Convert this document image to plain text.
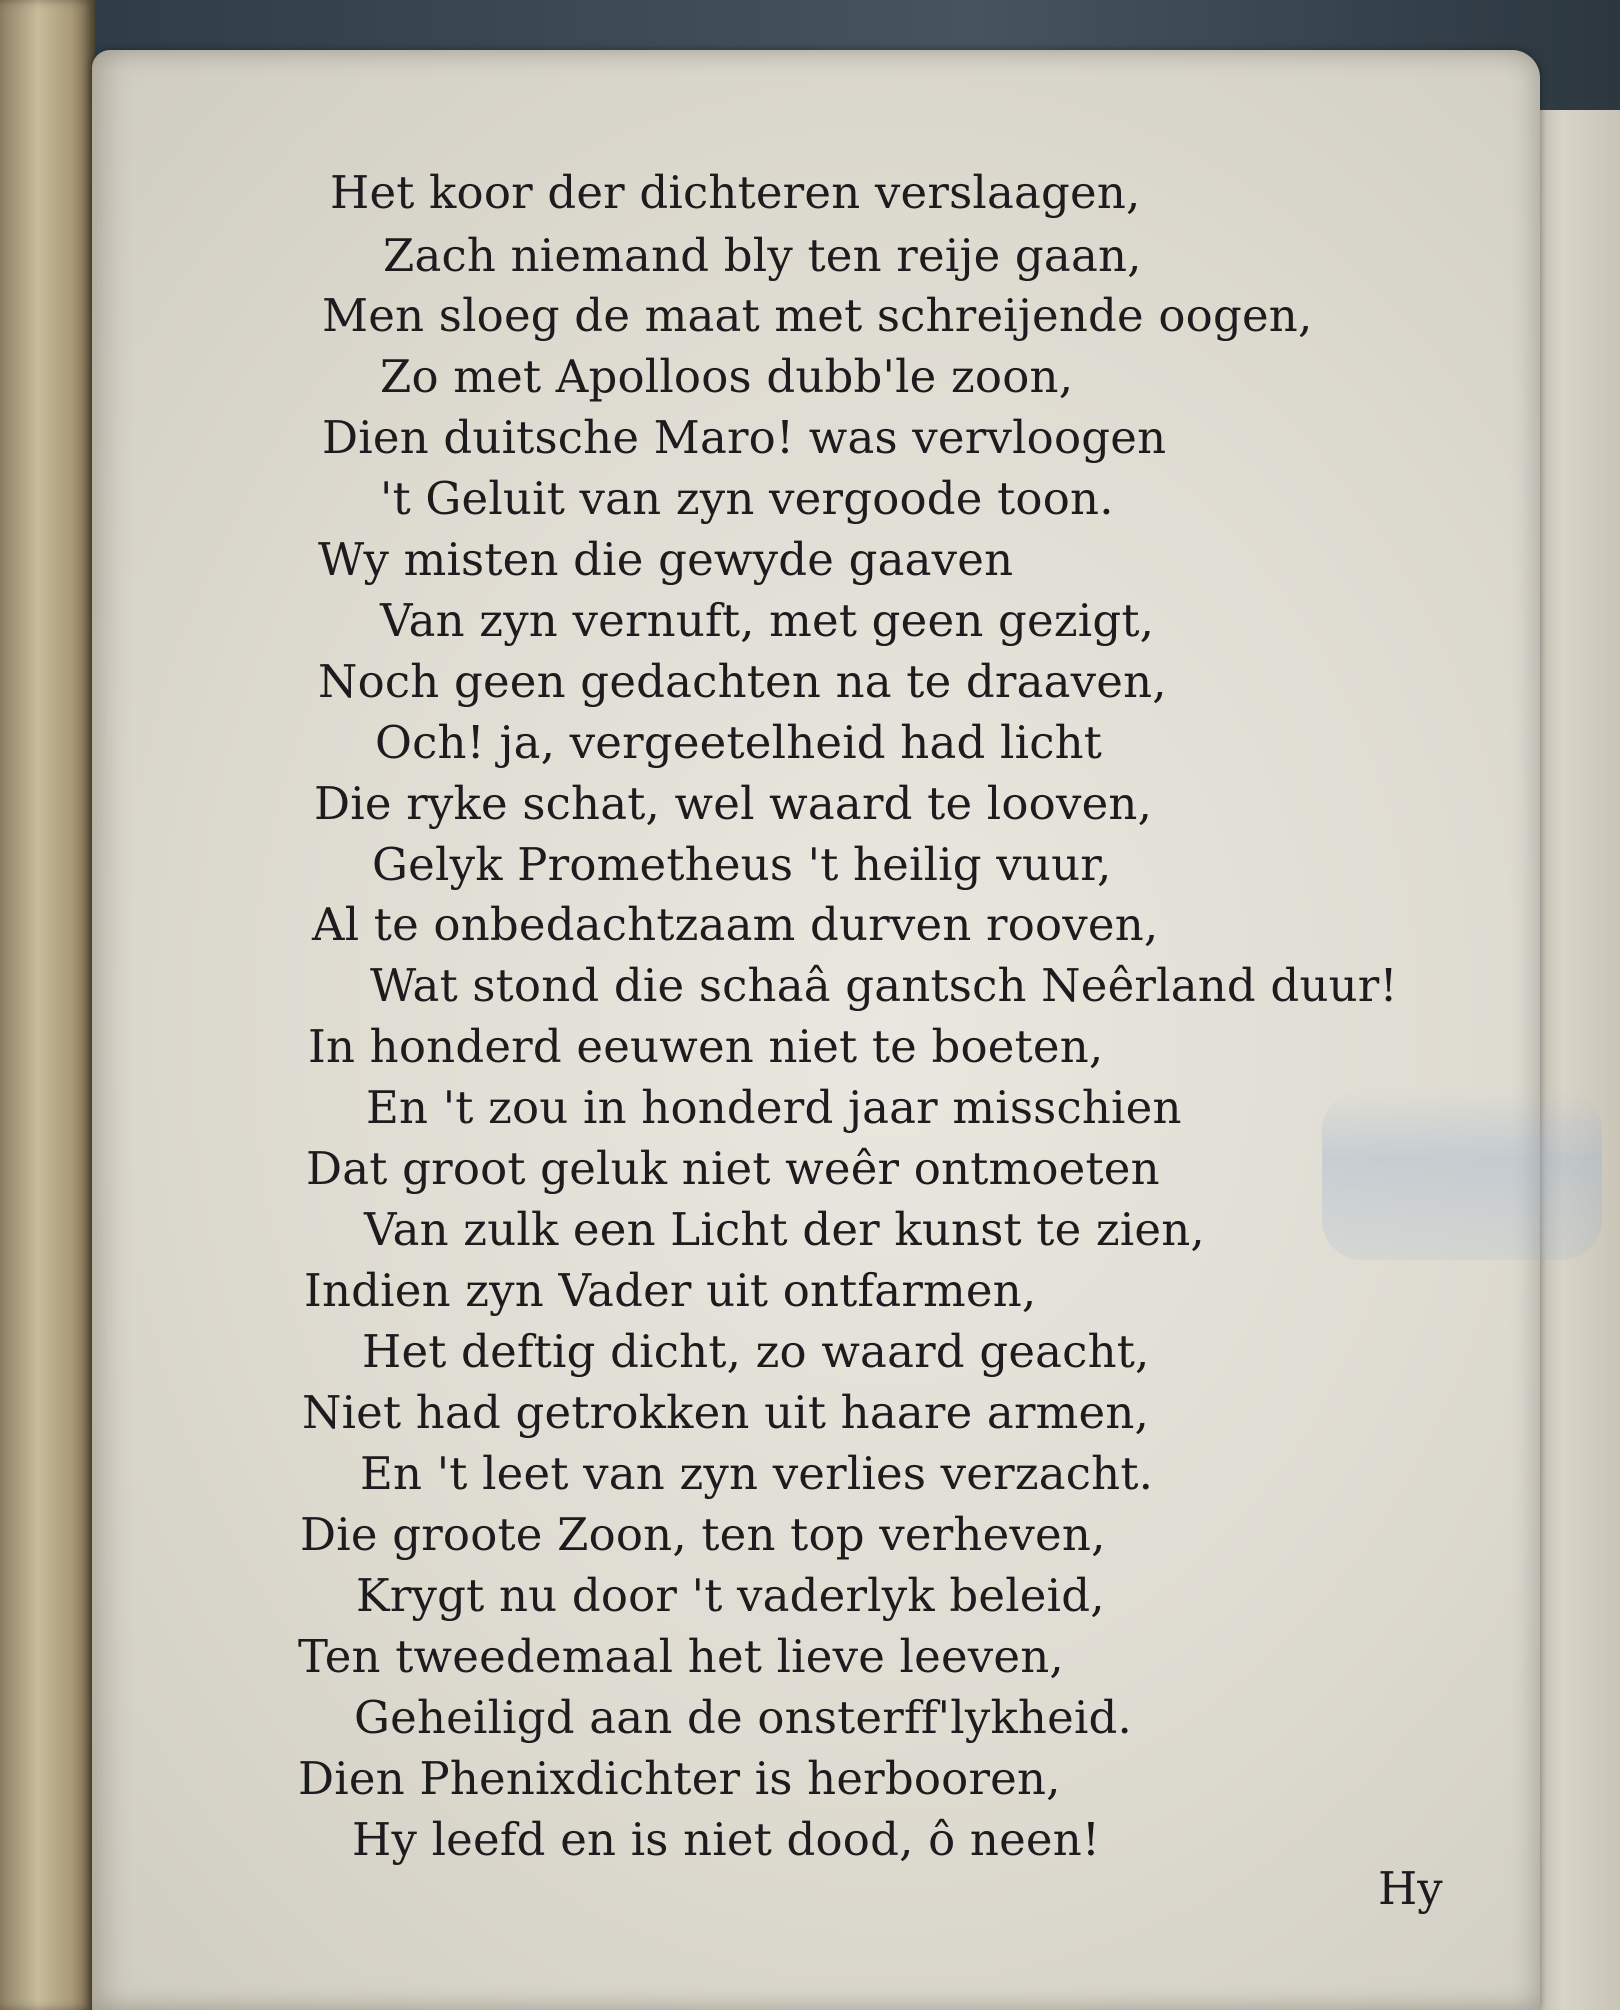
Het koor der dichteren verslaagen,
Zach niemand bly ten reije gaan,
Men sloeg de maat met schreijende oogen,
Zo met Apolloos dubb'le zoon,
Dien duitsche Maro! was vervloogen
't Geluit van zyn vergoode toon.
Wy misten die gewyde gaaven
Van zyn vernuft, met geen gezigt,
Noch geen gedachten na te draaven,
Och! ja, vergeetelheid had licht
Die ryke schat, wel waard te looven,
Gelyk Prometheus 't heilig vuur,
Al te onbedachtzaam durven rooven,
Wat stond die schaâ gantsch Neêrland duur!
In honderd eeuwen niet te boeten,
En 't zou in honderd jaar misschien
Dat groot geluk niet weêr ontmoeten
Van zulk een Licht der kunst te zien,
Indien zyn Vader uit ontfarmen,
Het deftig dicht, zo waard geacht,
Niet had getrokken uit haare armen,
En 't leet van zyn verlies verzacht.
Die groote Zoon, ten top verheven,
Krygt nu door 't vaderlyk beleid,
Ten tweedemaal het lieve leeven,
Geheiligd aan de onsterff'lykheid.
Dien Phenixdichter is herbooren,
Hy leefd en is niet dood, ô neen!
Hy
